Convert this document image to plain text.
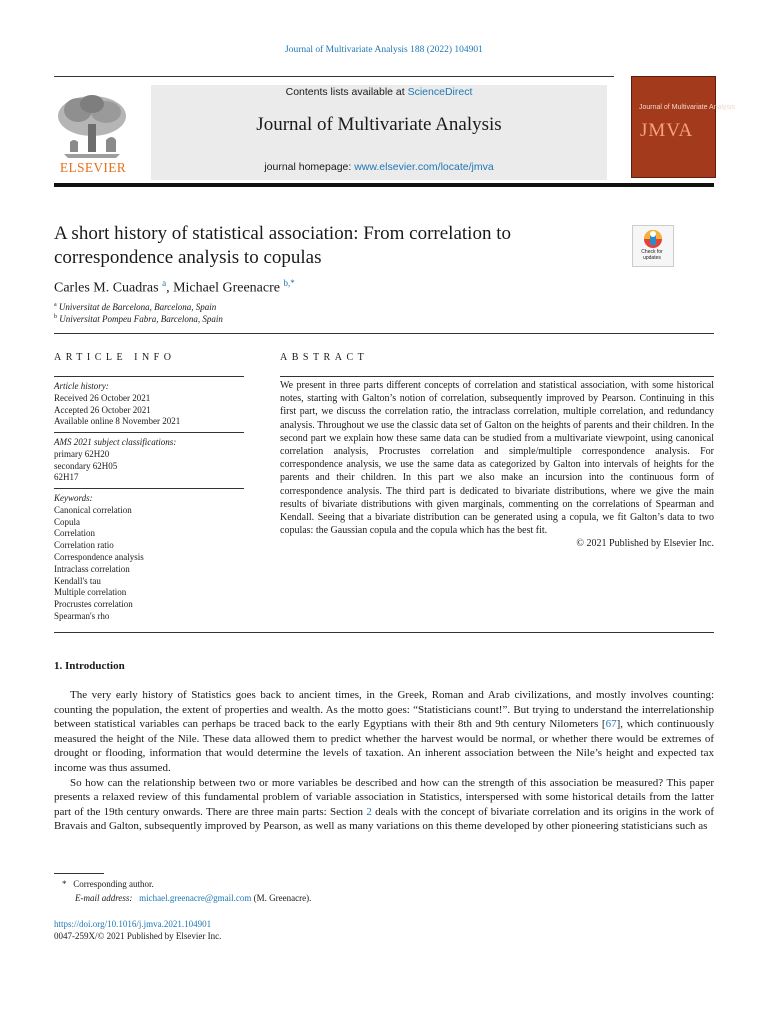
Journal of Multivariate Analysis 188 (2022) 104901
Contents lists available at ScienceDirect
Journal of Multivariate Analysis
journal homepage: www.elsevier.com/locate/jmva
ELSEVIER
Journal of Multivariate Analysis
JMVA
A short history of statistical association: From correlation to correspondence analysis to copulas	Check for updates
Carles M. Cuadras $^a$, Michael Greenacre $^{b,*}$
$^a$ Universitat de Barcelona, Barcelona, Spain
$^b$ Universitat Pompeu Fabra, Barcelona, Spain
ARTICLE INFO	ABSTRACT
Article history:
Received 26 October 2021
Accepted 26 October 2021
Available online 8 November 2021
AMS 2021 subject classifications:
primary 62H20
secondary 62H05
62H17
Keywords:
Canonical correlation
Copula
Correlation
Correlation ratio
Correspondence analysis
Intraclass correlation
Kendall's tau
Multiple correlation
Procrustes correlation
Spearman's rho
We present in three parts different concepts of correlation and statistical association, with some historical notes, starting with Galton’s notion of correlation, subsequently improved by Pearson. Continuing in this first part, we discuss the correlation ratio, the intraclass correlation, multiple correlation, and redundancy analysis. Throughout we use the classic data set of Galton on the heights of parents and their children. In the second part we explain how these same data can be studied from a multivariate viewpoint, using canonical correlation analysis, Procrustes correlation and simple/multiple correspondence analysis. For correspondence analysis, we use the same data as categorized by Galton into intervals of heights for the parents and their children. In this part we also make an incursion into the continuous form of correspondence analysis. The third part is dedicated to bivariate distributions, where we give the main results of bivariate distributions with given marginals, commenting on the correlations of Spearman and Kendall. Seeing that a bivariate distribution can be generated using a copula, we fit Galton’s data to two copulas: the Gaussian copula and the copula which has the best fit.
© 2021 Published by Elsevier Inc.
1. Introduction

The very early history of Statistics goes back to ancient times, in the Greek, Roman and Arab civilizations, and mostly involves counting: counting the population, the extent of properties and wealth. As the motto goes: “Statisticians count!”. But trying to understand the interrelationship between statistical variables can perhaps be traced back to the early Egyptians with their 8th and 9th century Nilometers [67], which continuously measured the height of the Nile. These data allowed them to predict whether the harvest would be normal, or whether there would be extremes of drought or flooding, information that would determine the levels of taxation. An inherent association between the Nile’s height and expected tax income was thus assumed.

So how can the relationship between two or more variables be described and how can the strength of this association be measured? This paper presents a relaxed review of this fundamental problem of variable association in Statistics, interspersed with some historical details from the latter part of the 19th century onwards. There are three main parts: Section 2 deals with the concept of bivariate correlation and its origins in the work of Bravais and Galton, subsequently improved by Pearson, as well as many variations on this theme developed by other pioneering statisticians such as

* Corresponding author.
E-mail address: michael.greenacre@gmail.com (M. Greenacre).
https://doi.org/10.1016/j.jmva.2021.104901
0047-259X/© 2021 Published by Elsevier Inc.
